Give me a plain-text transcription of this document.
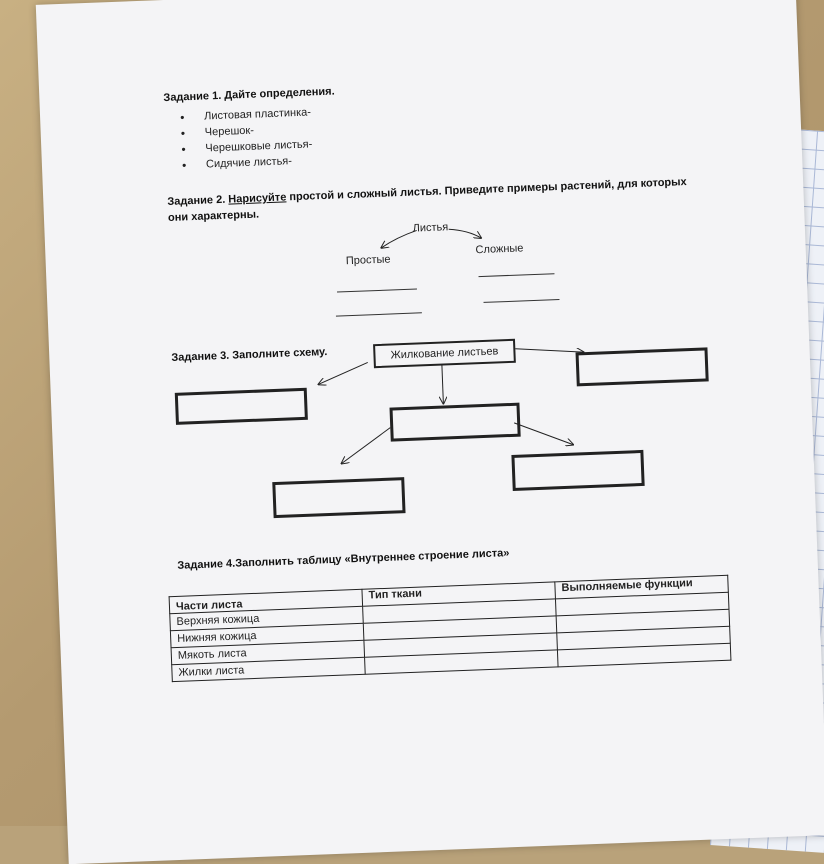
Задание 1. Дайте определения.
• Листовая пластинка-
• Черешок-
• Черешковые листья-
• Сидячие листья-
Задание 2. Нарисуйте простой и сложный листья. Приведите примеры растений, для которых
они характерны.
Листья
Простые
Сложные
Задание 3. Заполните схему.	Жилкование листьев
Задание 4.Заполнить таблицу «Внутреннее строение листа»
Части листа	Тип ткани	Выполняемые функции
Верхняя кожица		
Нижняя кожица		
Мякоть листа		
Жилки листа		
